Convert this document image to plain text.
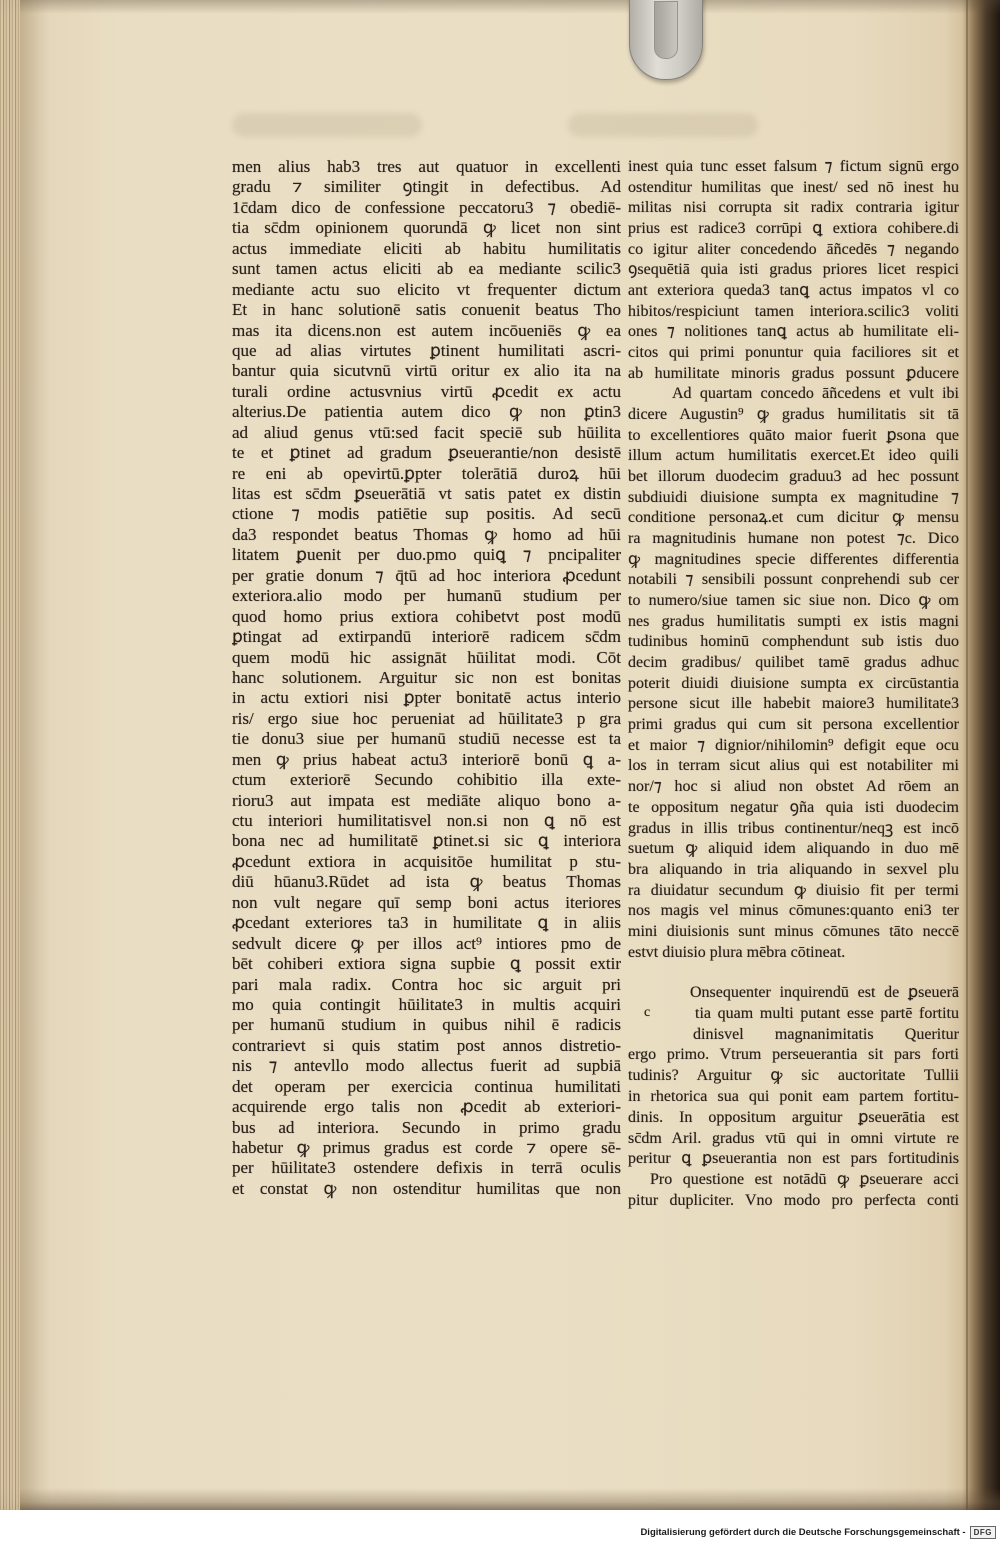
men alius hab3 tres aut quatuor in excellenti
gradu ⁊ similiter ꝯtingit in defectibus. Ad
1c̄dam dico de confessione peccatoru3 ⁊ obediē-
tia sc̄dm opinionem quorundā ꝙ licet non sint
actus immediate eliciti ab habitu humilitatis
sunt tamen actus eliciti ab ea mediante scilic3
mediante actu suo elicito vt frequenter dictum
Et in hanc solutionē satis conuenit beatus Tho
mas ita dicens.non est autem incōueniēs ꝙ ea
que ad alias virtutes ꝑtinent humilitati ascri-
bantur quia sicutvnū virtū oritur ex alio ita na
turali ordine actusvnius virtū ꝓcedit ex actu
alterius.De patientia autem dico ꝙ non ꝑtin3
ad aliud genus vtū:sed facit speciē sub hūilita
te et ꝑtinet ad gradum ꝑseuerantie/non desistē
re eni ab opevirtū.ꝑpter tolerātiā duroꝝ hūi
litas est sc̄dm ꝑseuerātiā vt satis patet ex distin
ctione ⁊ modis patiētie sup positis. Ad secū
da3 respondet beatus Thomas ꝙ homo ad hūi
litatem ꝑuenit per duo.pmo quiꝗ ⁊ pncipaliter
per gratie donum ⁊ q̄tū ad hoc interiora ꝓcedunt
exteriora.alio modo per humanū studium per
quod homo prius extiora cohibetvt post modū
ꝑtingat ad extirpandū interiorē radicem sc̄dm
quem modū hic assignāt hūilitat modi. Cōt
hanc solutionem. Arguitur sic non est bonitas
in actu extiori nisi ꝑpter bonitatē actus interio
ris/ ergo siue hoc perueniat ad hūilitate3 p gra
tie donu3 siue per humanū studiū necesse est ta
men ꝙ prius habeat actu3 interiorē bonū ꝗ a-
ctum exteriorē Secundo cohibitio illa exte-
rioru3 aut impata est mediāte aliquo bono a-
ctu interiori humilitatisvel non.si non ꝗ nō est
bona nec ad humilitatē ꝑtinet.si sic ꝗ interiora
ꝓcedunt extiora in acquisitōe humilitat p stu-
diū hūanu3.Rūdet ad ista ꝙ beatus Thomas
non vult negare quī semp boni actus iteriores
ꝓcedant exteriores ta3 in humilitate ꝗ in aliis
sedvult dicere ꝙ per illos act⁹ intiores pmo de
bēt cohiberi extiora signa supbie ꝗ possit extir
pari mala radix. Contra hoc sic arguit pri
mo quia contingit hūilitate3 in multis acquiri
per humanū studium in quibus nihil ē radicis
contrarievt si quis statim post annos distretio-
nis ⁊ antevllo modo allectus fuerit ad supbiā
det operam per exercicia continua humilitati
acquirende ergo talis non ꝓcedit ab exteriori-
bus ad interiora. Secundo in primo gradu
habetur ꝙ primus gradus est corde ⁊ opere sē-
per hūilitate3 ostendere defixis in terrā oculis
et constat ꝙ non ostenditur humilitas que non
inest quia tunc esset falsum ⁊ fictum signū ergo
ostenditur humilitas que inest/ sed nō inest hu
militas nisi corrupta sit radix contraria igitur
prius est radice3 corrūpi ꝗ extiora cohibere.di
co igitur aliter concedendo āñcedēs ⁊ negando
ꝯsequētiā quia isti gradus priores licet respici
ant exteriora queda3 tanꝗ actus impatos vl co
hibitos/respiciunt tamen interiora.scilic3 voliti
ones ⁊ nolitiones tanꝗ actus ab humilitate eli-
citos qui primi ponuntur quia faciliores sit et
ab humilitate minoris gradus possunt ꝑducere
Ad quartam concedo āñcedens et vult ibi
dicere Augustin⁹ ꝙ gradus humilitatis sit tā
to excellentiores quāto maior fuerit ꝑsona que
illum actum humilitatis exercet.Et ideo quili
bet illorum duodecim graduu3 ad hec possunt
subdiuidi diuisione sumpta ex magnitudine ⁊
conditione personaꝝ.et cum dicitur ꝙ mensu
ra magnitudinis humane non potest ⁊c. Dico
ꝙ magnitudines specie differentes differentia
notabili ⁊ sensibili possunt conprehendi sub cer
to numero/siue tamen sic siue non. Dico ꝙ om
nes gradus humilitatis sumpti ex istis magni
tudinibus hominū comphendunt sub istis duo
decim gradibus/ quilibet tamē gradus adhuc
poterit diuidi diuisione sumpta ex circūstantia
persone sicut ille habebit maiore3 humilitate3
primi gradus qui cum sit persona excellentior
et maior ⁊ dignior/nihilomin⁹ defigit eque ocu
los in terram sicut alius qui est notabiliter mi
nor/⁊ hoc si aliud non obstet Ad rōem an
te oppositum negatur ꝯña quia isti duodecim
gradus in illis tribus continentur/neqꝫ est incō
suetum ꝙ aliquid idem aliquando in duo mē
bra aliquando in tria aliquando in sexvel plu
ra diuidatur secundum ꝙ diuisio fit per termi
nos magis vel minus cōmunes:quanto eni3 ter
mini diuisionis sunt minus cōmunes tāto neccē
estvt diuisio plura mēbra cōtineat.
c
Onsequenter inquirendū est de ꝑseuerā
tia quam multi putant esse partē fortitu
dinisvel magnanimitatis Queritur
ergo primo. Vtrum perseuerantia sit pars forti
tudinis? Arguitur ꝙ sic auctoritate Tullii
in rhetorica sua qui ponit eam partem fortitu-
dinis. In oppositum arguitur ꝑseuerātia est
sc̄dm Aril. gradus vtū qui in omni virtute re
peritur ꝗ ꝑseuerantia non est pars fortitudinis
Pro questione est notādū ꝙ ꝑseuerare acci
pitur dupliciter. Vno modo pro perfecta conti
Digitalisierung gefördert durch die Deutsche Forschungsgemeinschaft -	DFG
